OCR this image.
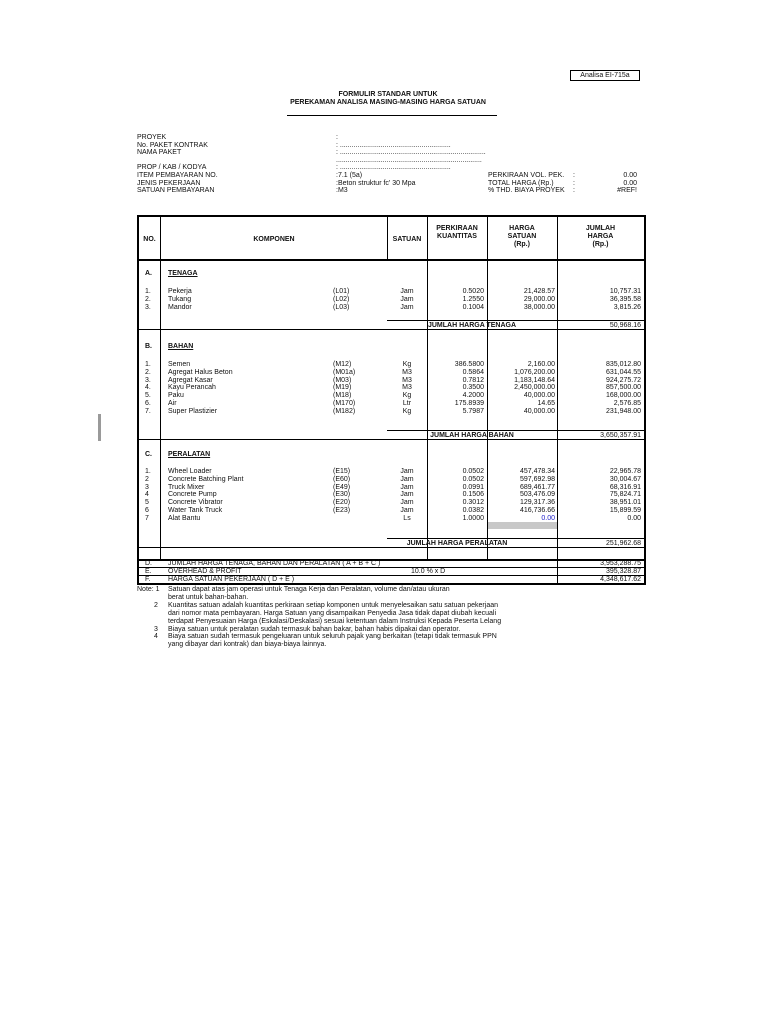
Analisa EI-715a
FORMULIR STANDAR UNTUK
PEREKAMAN ANALISA MASING-MASING HARGA SATUAN
PROYEK	:
No. PAKET KONTRAK	: .........................................................
NAMA PAKET	: ...........................................................................
...........................................................................
PROP / KAB / KODYA	: .........................................................
ITEM PEMBAYARAN NO.	:7.1 (5a)	PERKIRAAN VOL. PEK. :	0.00
JENIS PEKERJAAN	:Beton struktur fc' 30 Mpa	TOTAL HARGA (Rp.)	:	0.00
SATUAN PEMBAYARAN	:M3	% THD. BIAYA PROYEK :	#REF!
NO.	KOMPONEN	SATUAN
PERKIRAAN
KUANTITAS
HARGA
SATUAN
(Rp.)
JUMLAH
HARGA
(Rp.)
A. TENAGA
1.	Pekerja	(L01)	Jam	0.5020	21,428.57	10,757.31
2.	Tukang	(L02)	Jam	1.2550	29,000.00	36,395.58
3.	Mandor	(L03)	Jam	0.1004	38,000.00	3,815.26
JUMLAH HARGA TENAGA	50,968.16
B. BAHAN
1.	Semen	(M12)	Kg	386.5800	2,160.00	835,012.80
2.	Agregat Halus Beton	(M01a)	M3	0.5864	1,076,200.00	631,044.55
3.	Agregat Kasar	(M03)	M3	0.7812	1,183,148.64	924,275.72
4.	Kayu Perancah	(M19)	M3	0.3500	2,450,000.00	857,500.00
5.	Paku	(M18)	Kg	4.2000	40,000.00	168,000.00
6.	Air	(M170)	Ltr	175.8939	14.65	2,576.85
7.	Super Plastizier	(M182)	Kg	5.7987	40,000.00	231,948.00
JUMLAH HARGA BAHAN	3,650,357.91
C. PERALATAN
1.	Wheel Loader	(E15)	Jam	0.0502	457,478.34	22,965.78
2	Concrete Batching Plant	(E60)	Jam	0.0502	597,692.98	30,004.67
3	Truck Mixer	(E49)	Jam	0.0991	689,461.77	68,316.91
4	Concrete Pump	(E30)	Jam	0.1506	503,476.09	75,824.71
5	Concrete Vibrator	(E20)	Jam	0.3012	129,317.36	38,951.01
6	Water Tank Truck	(E23)	Jam	0.0382	416,736.66	15,899.59
7	Alat Bantu	Ls	1.0000	0.00	0.00
JUMLAH HARGA PERALATAN	251,962.68
D. JUMLAH HARGA TENAGA, BAHAN DAN PERALATAN ( A + B + C )	3,953,288.75
E. OVERHEAD & PROFIT	10.0 % x D	395,328.87
F.	HARGA SATUAN PEKERJAAN ( D + E )	4,348,617.62
Note: 1 Satuan dapat atas jam operasi untuk Tenaga Kerja dan Peralatan, volume dan/atau ukuran
berat untuk bahan-bahan.
2 Kuantitas satuan adalah kuantitas perkiraan setiap komponen untuk menyelesaikan satu satuan pekerjaan
dari nomor mata pembayaran. Harga Satuan yang disampaikan Penyedia Jasa tidak dapat diubah kecuali
terdapat Penyesuaian Harga (Eskalasi/Deskalasi) sesuai ketentuan dalam Instruksi Kepada Peserta Lelang
3 Biaya satuan untuk peralatan sudah termasuk bahan bakar, bahan habis dipakai dan operator.
4 Biaya satuan sudah termasuk pengeluaran untuk seluruh pajak yang berkaitan (tetapi tidak termasuk PPN
yang dibayar dari kontrak) dan biaya-biaya lainnya.
